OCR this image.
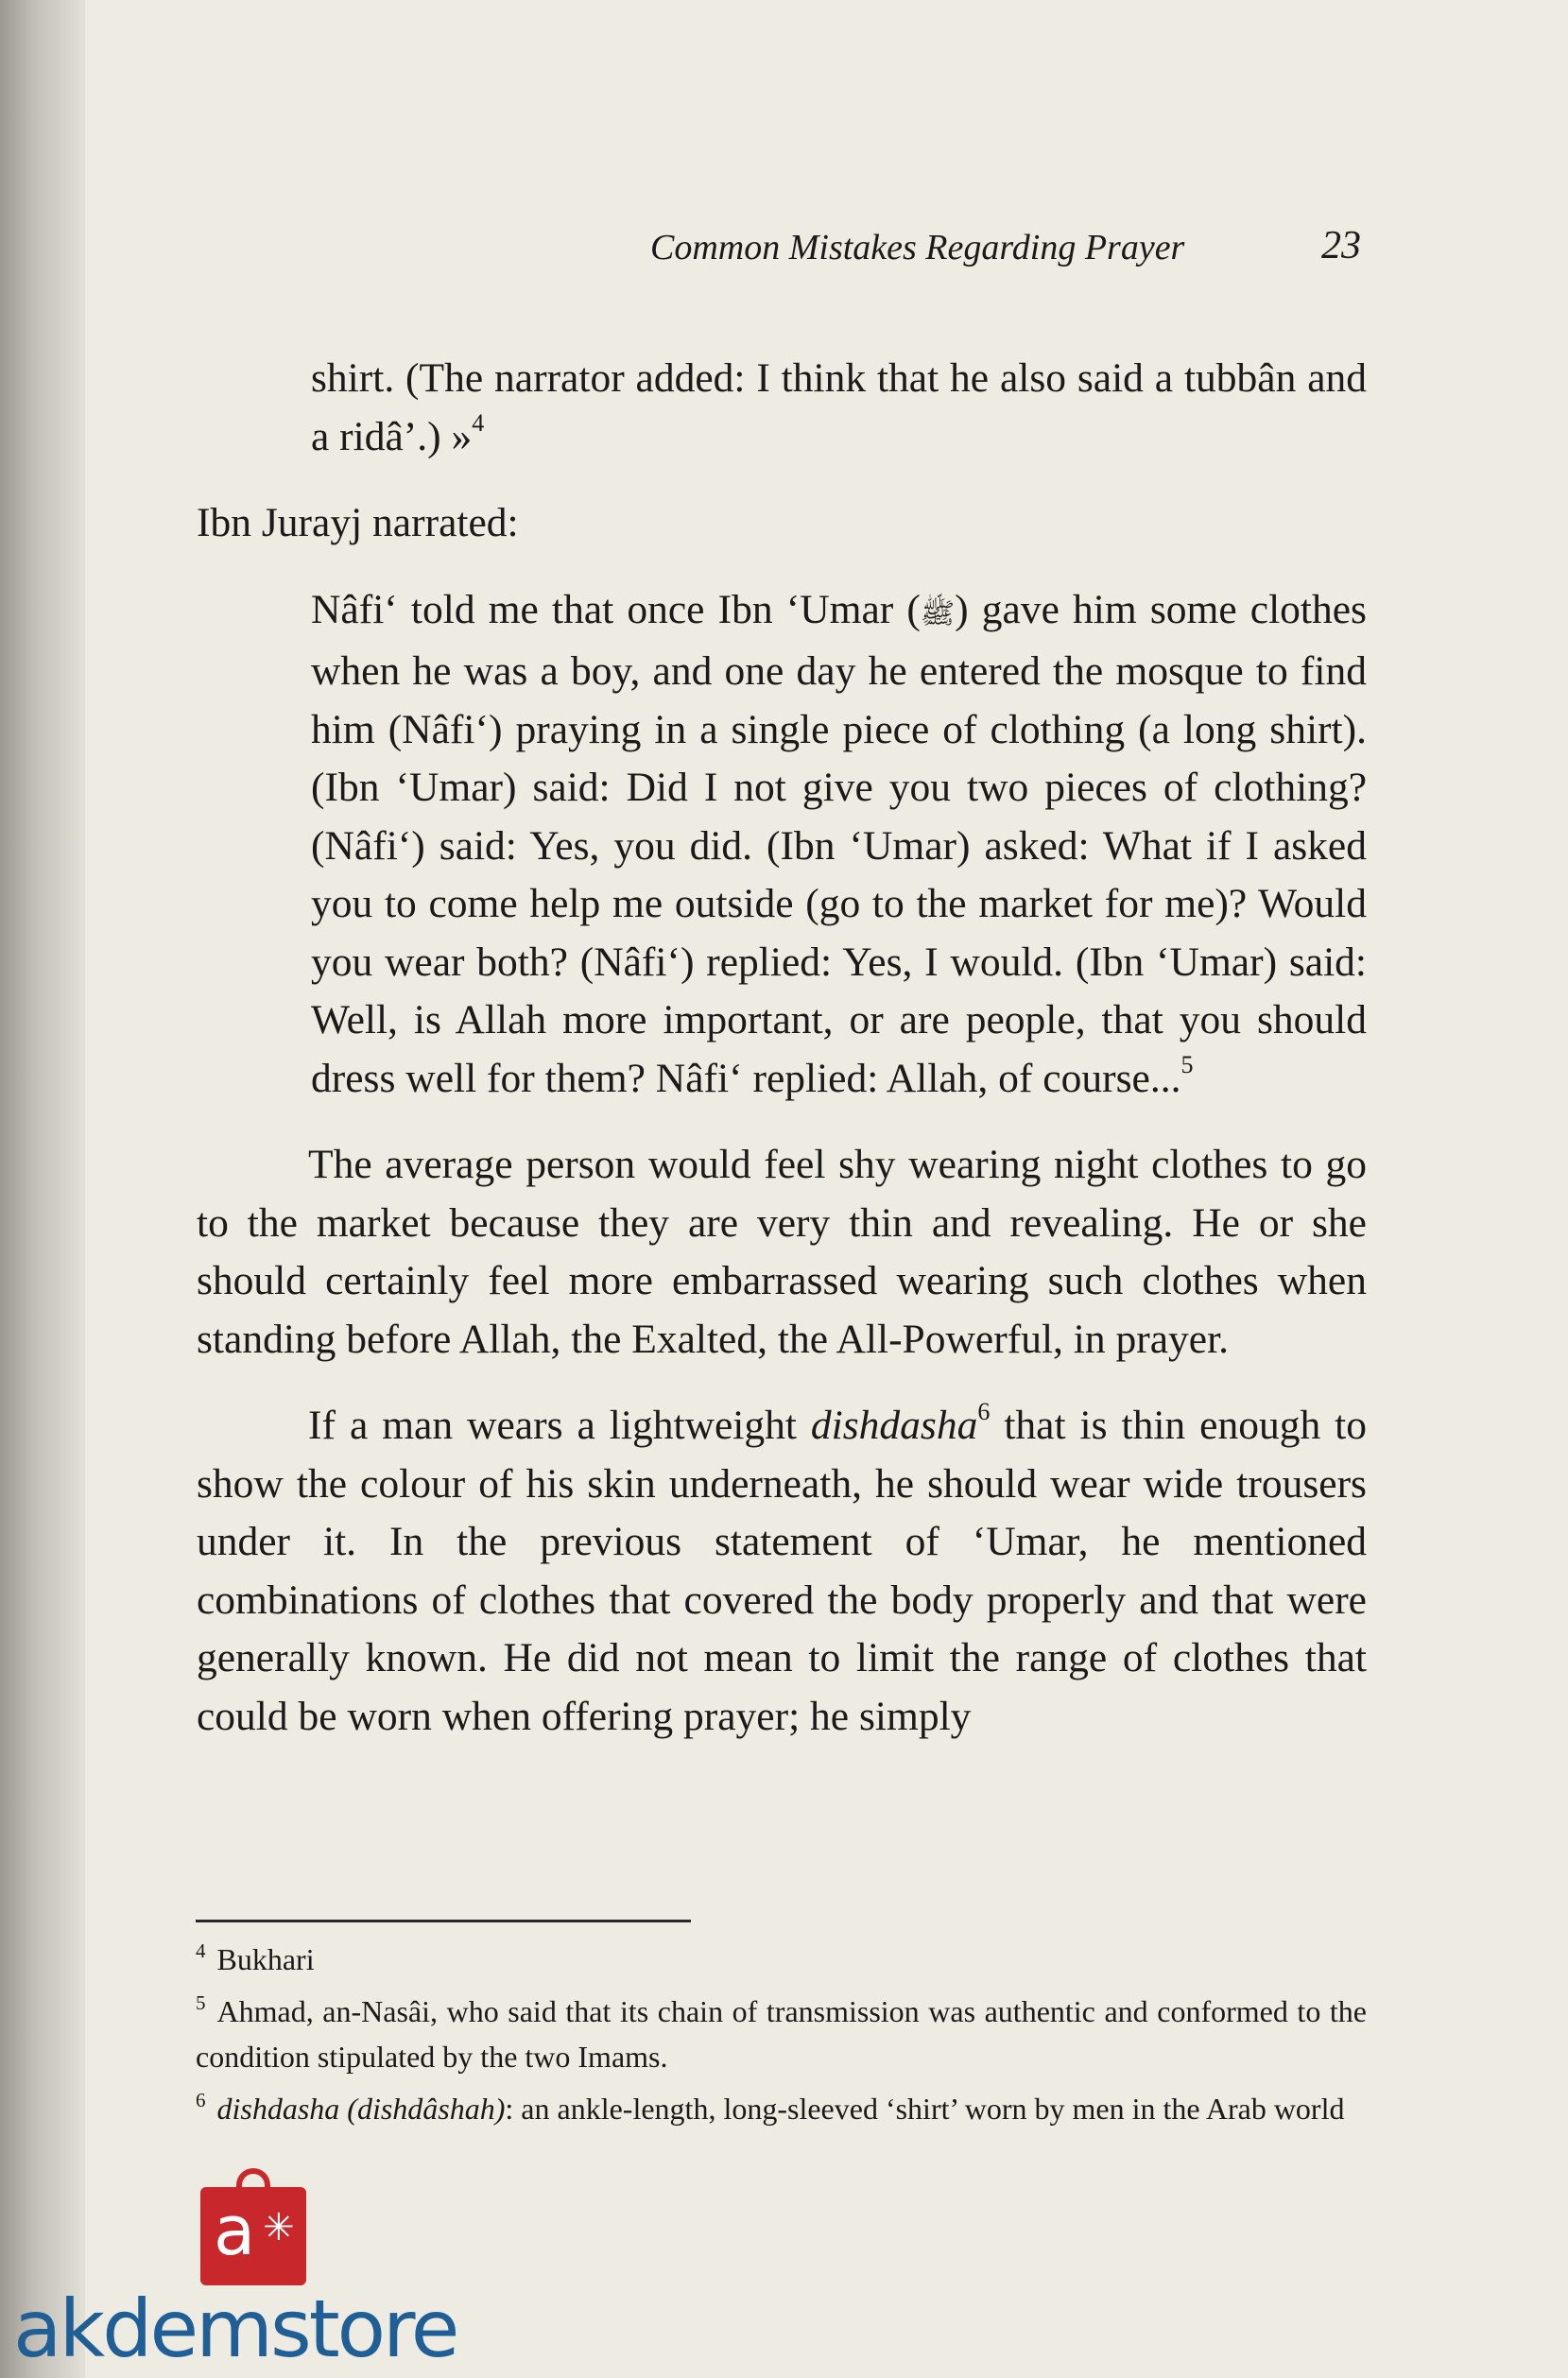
Common Mistakes Regarding Prayer	23

shirt. (The narrator added: I think that he also said a tubbân and a ridâ’.) »$^4$

Ibn Jurayj narrated:

Nâfi‘ told me that once Ibn ‘Umar (ﷺ) gave him some clothes when he was a boy, and one day he entered the mosque to find him (Nâfi‘) praying in a single piece of clothing (a long shirt). (Ibn ‘Umar) said: Did I not give you two pieces of clothing? (Nâfi‘) said: Yes, you did. (Ibn ‘Umar) asked: What if I asked you to come help me outside (go to the market for me)? Would you wear both? (Nâfi‘) replied: Yes, I would. (Ibn ‘Umar) said: Well, is Allah more important, or are people, that you should dress well for them? Nâfi‘ replied: Allah, of course...$^5$

The average person would feel shy wearing night clothes to go to the market because they are very thin and revealing. He or she should certainly feel more embarrassed wearing such clothes when standing before Allah, the Exalted, the All-Powerful, in prayer.

If a man wears a lightweight dishdasha$^6$ that is thin enough to show the colour of his skin underneath, he should wear wide trousers under it. In the previous statement of ‘Umar, he mentioned combinations of clothes that covered the body properly and that were generally known. He did not mean to limit the range of clothes that could be worn when offering prayer; he simply

$^4$ Bukhari

$^5$ Ahmad, an-Nasâi, who said that its chain of transmission was authentic and conformed to the condition stipulated by the two Imams.

$^6$ dishdasha (dishdâshah): an ankle-length, long-sleeved ‘shirt’ worn by men in the Arab world

a ✳
akdemstore
